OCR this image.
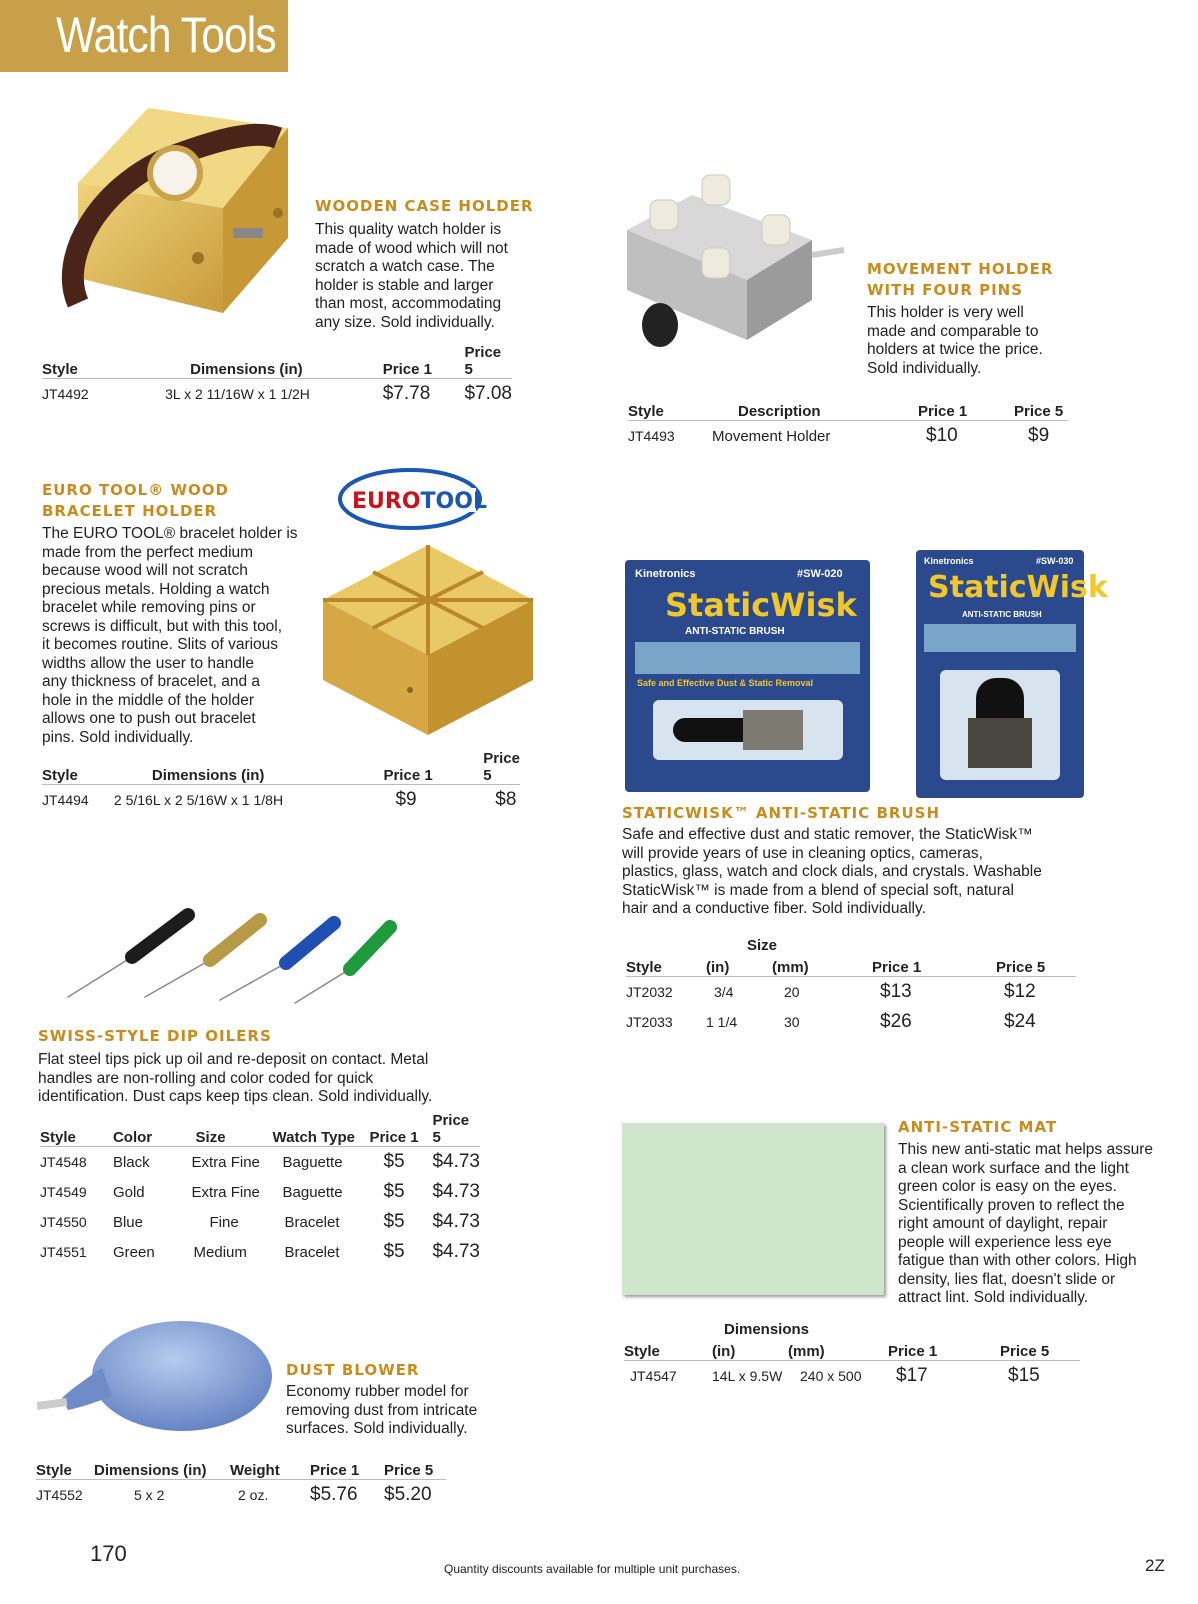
Watch Tools
WOODEN CASE HOLDER
This quality watch holder is
made of wood which will not
scratch a watch case. The
holder is stable and larger
than most, accommodating
any size. Sold individually.
Style	Dimensions (in)	Price 1	Price 5
JT4492	3L x 2 11/16W x 1 1/2H	$7.78	$7.08
MOVEMENT HOLDER
WITH FOUR PINS
This holder is very well
made and comparable to
holders at twice the price.
Sold individually.
Style	Description	Price 1	Price 5
JT4493	Movement Holder	$10	$9
EURO TOOL® WOOD
BRACELET HOLDER	EUROTOOL
The EURO TOOL® bracelet holder is
made from the perfect medium
because wood will not scratch
precious metals. Holding a watch
bracelet while removing pins or
screws is difficult, but with this tool,
it becomes routine. Slits of various
widths allow the user to handle
any thickness of bracelet, and a
hole in the middle of the holder
allows one to push out bracelet
pins. Sold individually.
Style	Dimensions (in)	Price 1	Price 5
JT4494	2 5/16L x 2 5/16W x 1 1/8H	$9	$8
Kinetronics	#SW-020
StaticWisk
ANTI-STATIC BRUSH
Safe and Effective Dust & Static Removal
Kinetronics	#SW-030
StaticWisk
ANTI-STATIC BRUSH
STATICWISK™ ANTI-STATIC BRUSH
Safe and effective dust and static remover, the StaticWisk™
will provide years of use in cleaning optics, cameras,
plastics, glass, watch and clock dials, and crystals. Washable
StaticWisk™ is made from a blend of special soft, natural
hair and a conductive fiber. Sold individually.
Size
Style	(in)	(mm)	Price 1	Price 5
JT2032	3/4	20	$13	$12
JT2033	1 1/4	30	$26	$24
SWISS-STYLE DIP OILERS
Flat steel tips pick up oil and re-deposit on contact. Metal
handles are non-rolling and color coded for quick
identification. Dust caps keep tips clean. Sold individually.
Style	Color	Size	Watch Type	Price 1	Price 5
JT4548	Black	Extra Fine	Baguette	$5	$4.73
JT4549	Gold	Extra Fine	Baguette	$5	$4.73
JT4550	Blue	Fine	Bracelet	$5	$4.73
JT4551	Green	Medium	Bracelet	$5	$4.73
ANTI-STATIC MAT
This new anti-static mat helps assure
a clean work surface and the light
green color is easy on the eyes.
Scientifically proven to reflect the
right amount of daylight, repair
people will experience less eye
fatigue than with other colors. High
density, lies flat, doesn't slide or
attract lint. Sold individually.
Dimensions
Style	(in)	(mm)	Price 1	Price 5
JT4547	14L x 9.5W	240 x 500	$17	$15
DUST BLOWER
Economy rubber model for
removing dust from intricate
surfaces. Sold individually.
Style	Dimensions (in)	Weight	Price 1	Price 5
JT4552	5 x 2	2 oz.	$5.76	$5.20
170
Quantity discounts available for multiple unit purchases.	2Z
